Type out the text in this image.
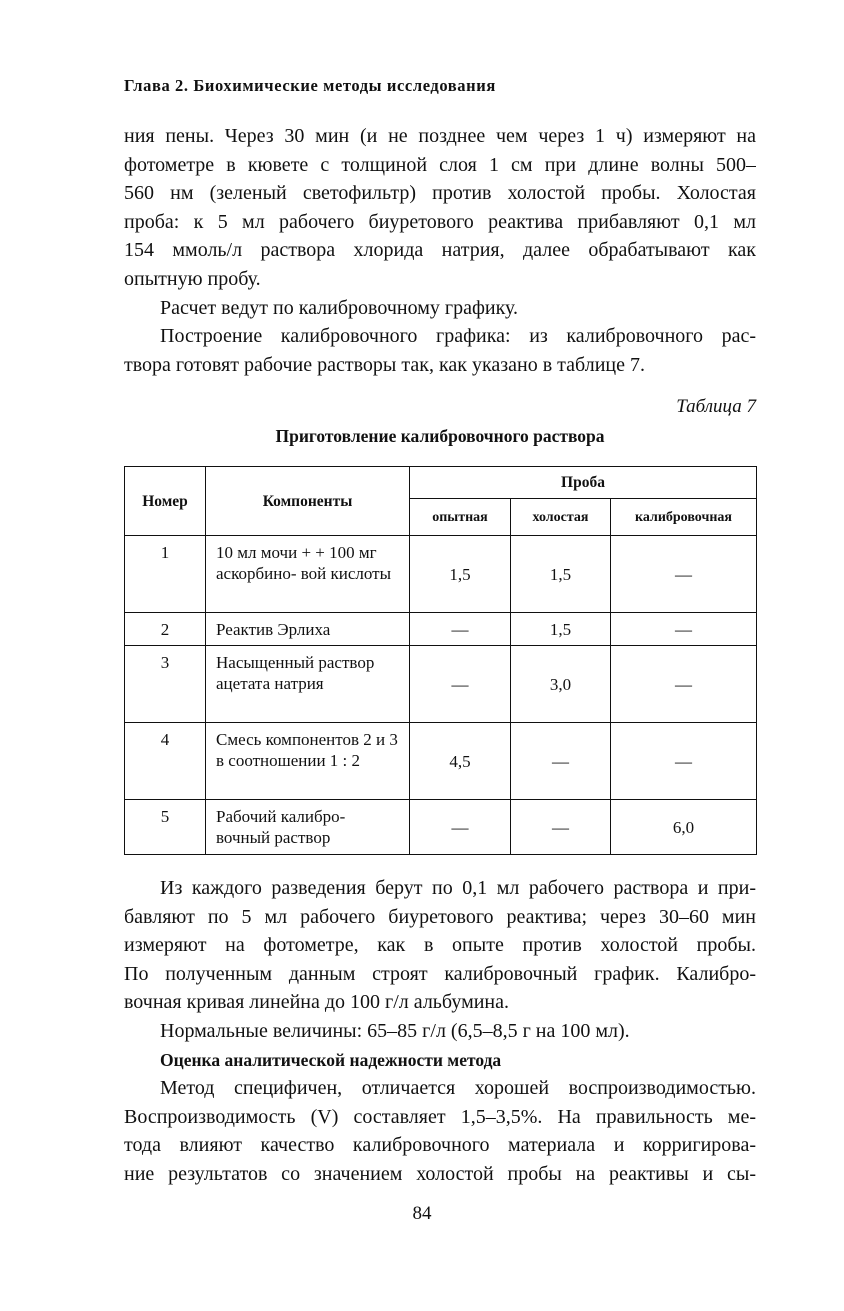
Глава 2. Биохимические методы исследования
ния пены. Через 30 мин (и не позднее чем через 1 ч) измеряют на
фотометре в кювете с толщиной слоя 1 см при длине волны 500–
560 нм (зеленый светофильтр) против холостой пробы. Холостая
проба: к 5 мл рабочего биуретового реактива прибавляют 0,1 мл
154 ммоль/л раствора хлорида натрия, далее обрабатывают как
опытную пробу.
Расчет ведут по калибровочному графику.
Построение калибровочного графика: из калибровочного рас-
твора готовят рабочие растворы так, как указано в таблице 7.
Таблица 7
Приготовление калибровочного раствора
Номер	Компоненты	Проба		
		опытная	холостая	калибровочная
1	10 мл мочи + + 100 мг аскорбино- вой кислоты	1,5	1,5	—
2	Реактив Эрлиха	—	1,5	—
3	Насыщенный раствор ацетата натрия	—	3,0	—
4	Смесь компонентов 2 и 3 в соотношении 1 : 2	4,5	—	—
5	Рабочий калибро- вочный раствор	—	—	6,0
Из каждого разведения берут по 0,1 мл рабочего раствора и при-
бавляют по 5 мл рабочего биуретового реактива; через 30–60 мин
измеряют на фотометре, как в опыте против холостой пробы.
По полученным данным строят калибровочный график. Калибро-
вочная кривая линейна до 100 г/л альбумина.
Нормальные величины: 65–85 г/л (6,5–8,5 г на 100 мл).
Оценка аналитической надежности метода
Метод специфичен, отличается хорошей воспроизводимостью.
Воспроизводимость (V) составляет 1,5–3,5%. На правильность ме-
тода влияют качество калибровочного материала и корригирова-
ние результатов со значением холостой пробы на реактивы и сы-
84
